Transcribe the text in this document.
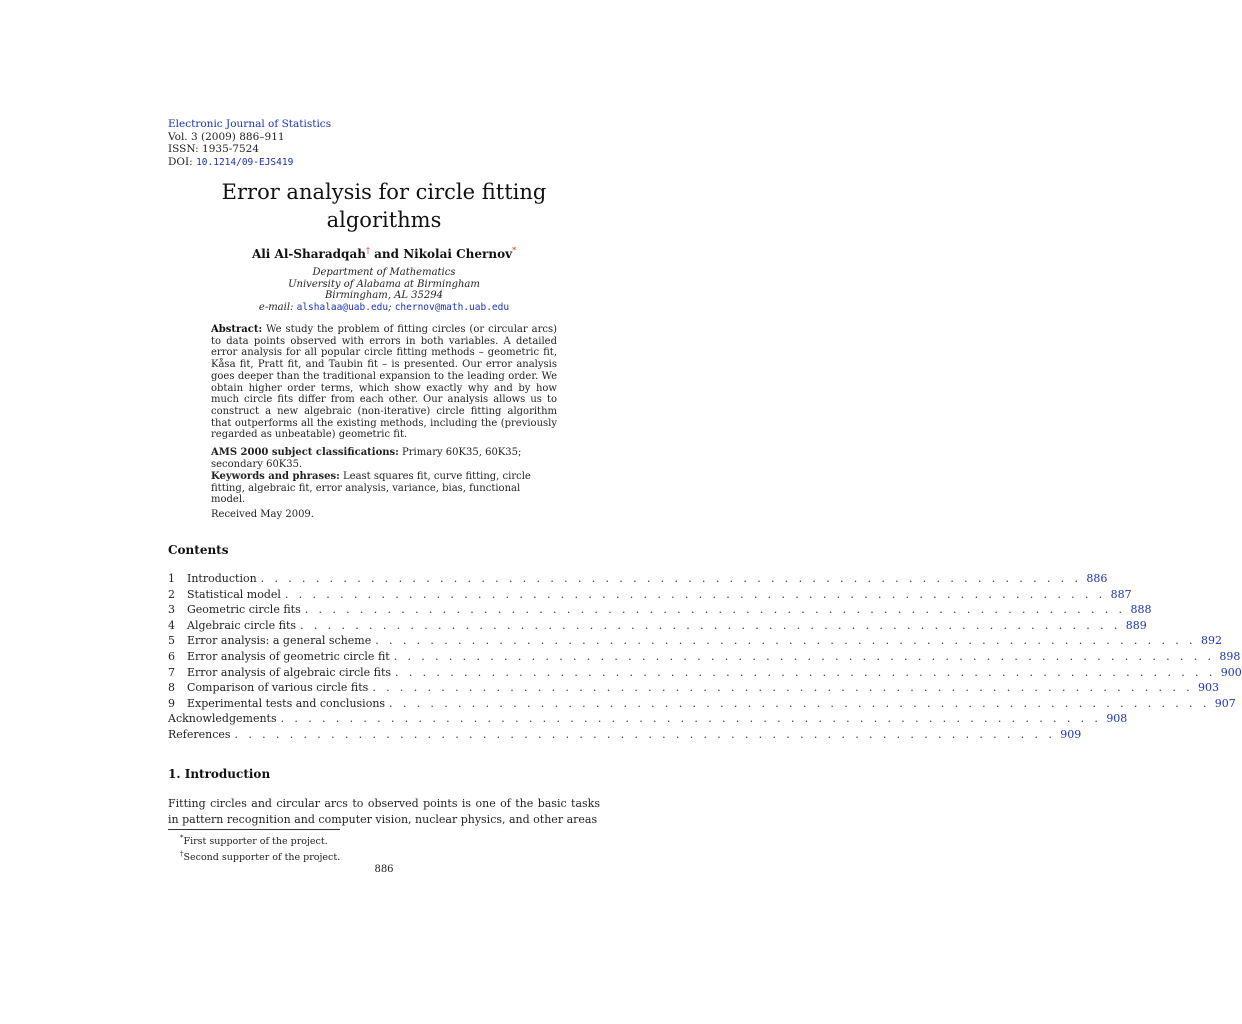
Electronic Journal of Statistics
Vol. 3 (2009) 886–911
ISSN: 1935-7524
DOI: 10.1214/09-EJS419
Error analysis for circle fitting
algorithms
Ali Al-Sharadqah† and Nikolai Chernov*
Department of Mathematics
University of Alabama at Birmingham
Birmingham, AL 35294
e-mail: alshalaa@uab.edu; chernov@math.uab.edu
Abstract: We study the problem of fitting circles (or circular arcs) to data points observed with errors in both variables. A detailed error analysis for all popular circle fitting methods – geometric fit, Kåsa fit, Pratt fit, and Taubin fit – is presented. Our error analysis goes deeper than the traditional expansion to the leading order. We obtain higher order terms, which show exactly why and by how much circle fits differ from each other. Our analysis allows us to construct a new algebraic (non-iterative) circle fitting algorithm that outperforms all the existing methods, including the (previously regarded as unbeatable) geometric fit.
AMS 2000 subject classifications: Primary 60K35, 60K35; secondary 60K35.
Keywords and phrases: Least squares fit, curve fitting, circle fitting, algebraic fit, error analysis, variance, bias, functional model.
Received May 2009.
Contents
1	Introduction . . . . . . . . . . . . . . . . . . . . . . . . . . . . . . . . . . . . . . . . . . . . . . . . . . . . . . . . . . . . 886
2	Statistical model . . . . . . . . . . . . . . . . . . . . . . . . . . . . . . . . . . . . . . . . . . . . . . . . . . . . . . . . . . . . 887
3	Geometric circle fits . . . . . . . . . . . . . . . . . . . . . . . . . . . . . . . . . . . . . . . . . . . . . . . . . . . . . . . . . . . . 888
4	Algebraic circle fits . . . . . . . . . . . . . . . . . . . . . . . . . . . . . . . . . . . . . . . . . . . . . . . . . . . . . . . . . . . . 889
5	Error analysis: a general scheme . . . . . . . . . . . . . . . . . . . . . . . . . . . . . . . . . . . . . . . . . . . . . . . . . . . . . . . . . . . . 892
6	Error analysis of geometric circle fit . . . . . . . . . . . . . . . . . . . . . . . . . . . . . . . . . . . . . . . . . . . . . . . . . . . . . . . . . . . . 898
7	Error analysis of algebraic circle fits . . . . . . . . . . . . . . . . . . . . . . . . . . . . . . . . . . . . . . . . . . . . . . . . . . . . . . . . . . . . 900
8	Comparison of various circle fits . . . . . . . . . . . . . . . . . . . . . . . . . . . . . . . . . . . . . . . . . . . . . . . . . . . . . . . . . . . . 903
9	Experimental tests and conclusions . . . . . . . . . . . . . . . . . . . . . . . . . . . . . . . . . . . . . . . . . . . . . . . . . . . . . . . . . . . . 907
Acknowledgements . . . . . . . . . . . . . . . . . . . . . . . . . . . . . . . . . . . . . . . . . . . . . . . . . . . . . . . . . . . . 908
References . . . . . . . . . . . . . . . . . . . . . . . . . . . . . . . . . . . . . . . . . . . . . . . . . . . . . . . . . . . . 909
1. Introduction
Fitting circles and circular arcs to observed points is one of the basic tasks in pattern recognition and computer vision, nuclear physics, and other areas
*First supporter of the project.
†Second supporter of the project.
886
